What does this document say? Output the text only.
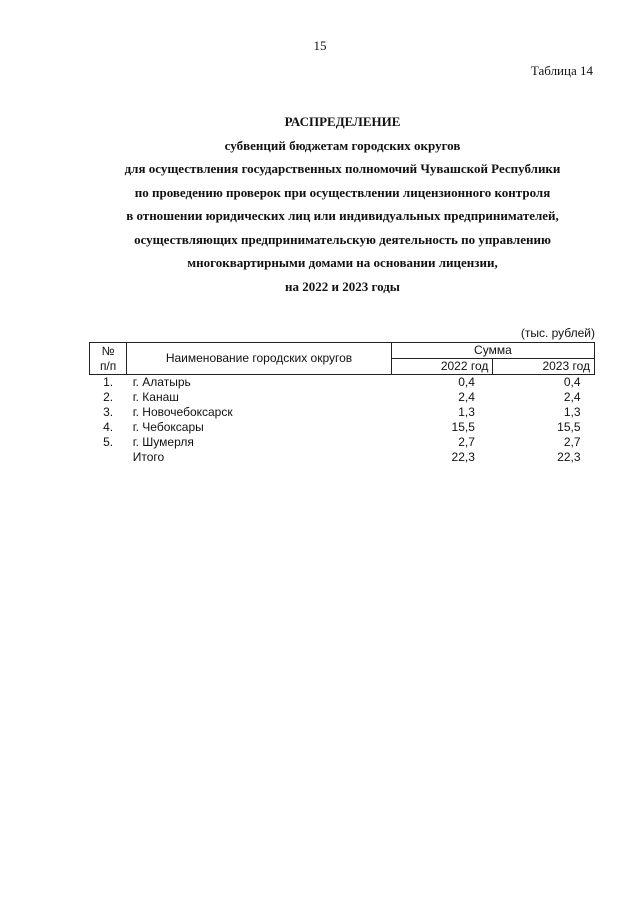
15
Таблица 14
РАСПРЕДЕЛЕНИЕ
субвенций бюджетам городских округов
для осуществления государственных полномочий Чувашской Республики
по проведению проверок при осуществлении лицензионного контроля
в отношении юридических лиц или индивидуальных предпринимателей,
осуществляющих предпринимательскую деятельность по управлению
многоквартирными домами на основании лицензии,
на 2022 и 2023 годы
(тыс. рублей)
№
п/п	Наименование городских округов	Сумма	
		2022 год	2023 год
1.	г. Алатырь	0,4	0,4
2.	г. Канаш	2,4	2,4
3.	г. Новочебоксарск	1,3	1,3
4.	г. Чебоксары	15,5	15,5
5.	г. Шумерля	2,7	2,7
	Итого	22,3	22,3
